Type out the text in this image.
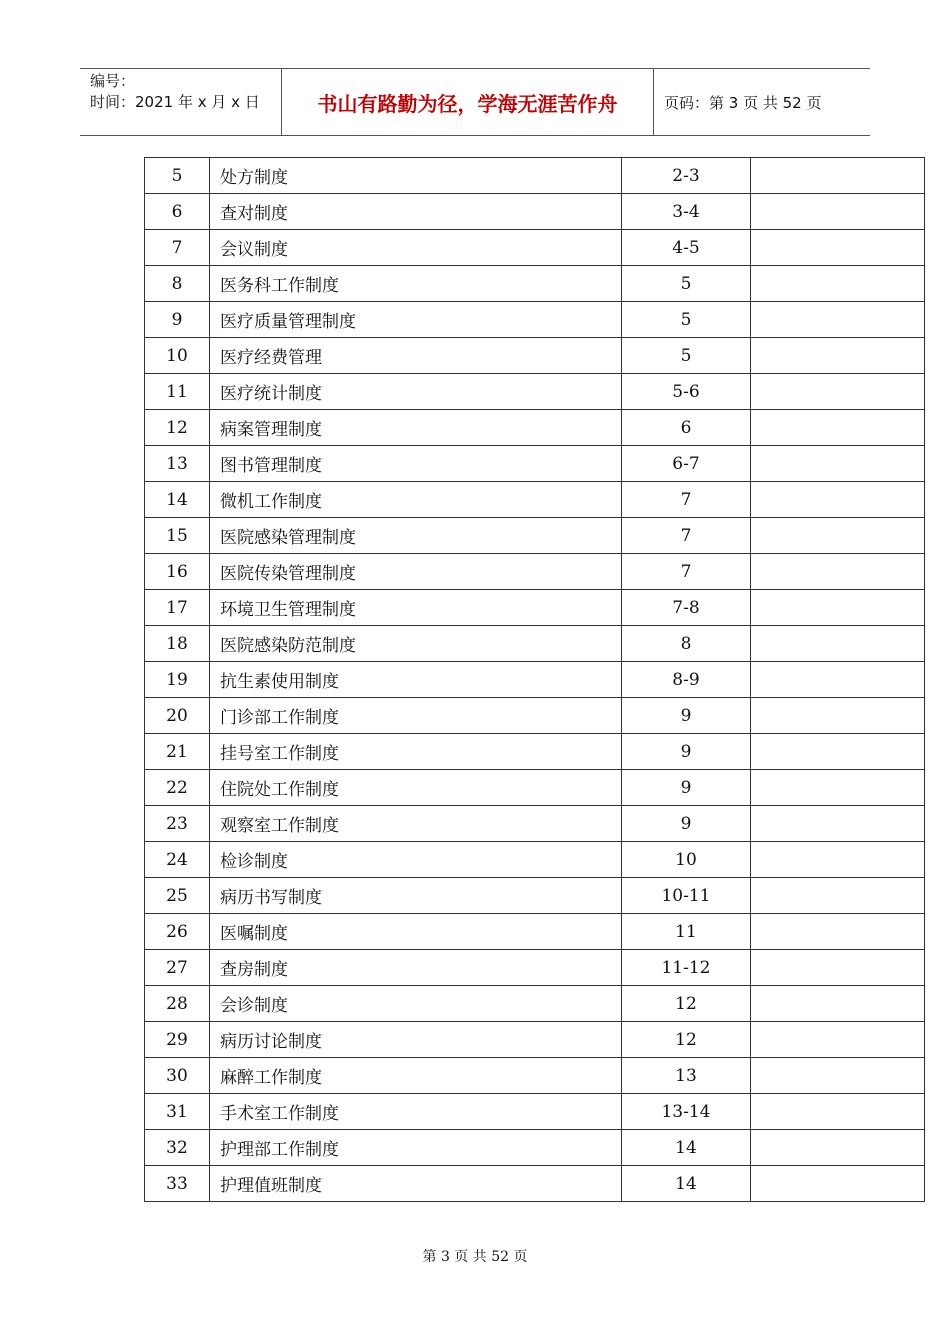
编号：
时间：2021 年 x 月 x 日	书山有路勤为径，学海无涯苦作舟	页码：第 3 页 共 52 页
5	处方制度	2-3	
6	查对制度	3-4	
7	会议制度	4-5	
8	医务科工作制度	5	
9	医疗质量管理制度	5	
10	医疗经费管理	5	
11	医疗统计制度	5-6	
12	病案管理制度	6	
13	图书管理制度	6-7	
14	微机工作制度	7	
15	医院感染管理制度	7	
16	医院传染管理制度	7	
17	环境卫生管理制度	7-8	
18	医院感染防范制度	8	
19	抗生素使用制度	8-9	
20	门诊部工作制度	9	
21	挂号室工作制度	9	
22	住院处工作制度	9	
23	观察室工作制度	9	
24	检诊制度	10	
25	病历书写制度	10-11	
26	医嘱制度	11	
27	查房制度	11-12	
28	会诊制度	12	
29	病历讨论制度	12	
30	麻醉工作制度	13	
31	手术室工作制度	13-14	
32	护理部工作制度	14	
33	护理值班制度	14	
第 3 页 共 52 页
